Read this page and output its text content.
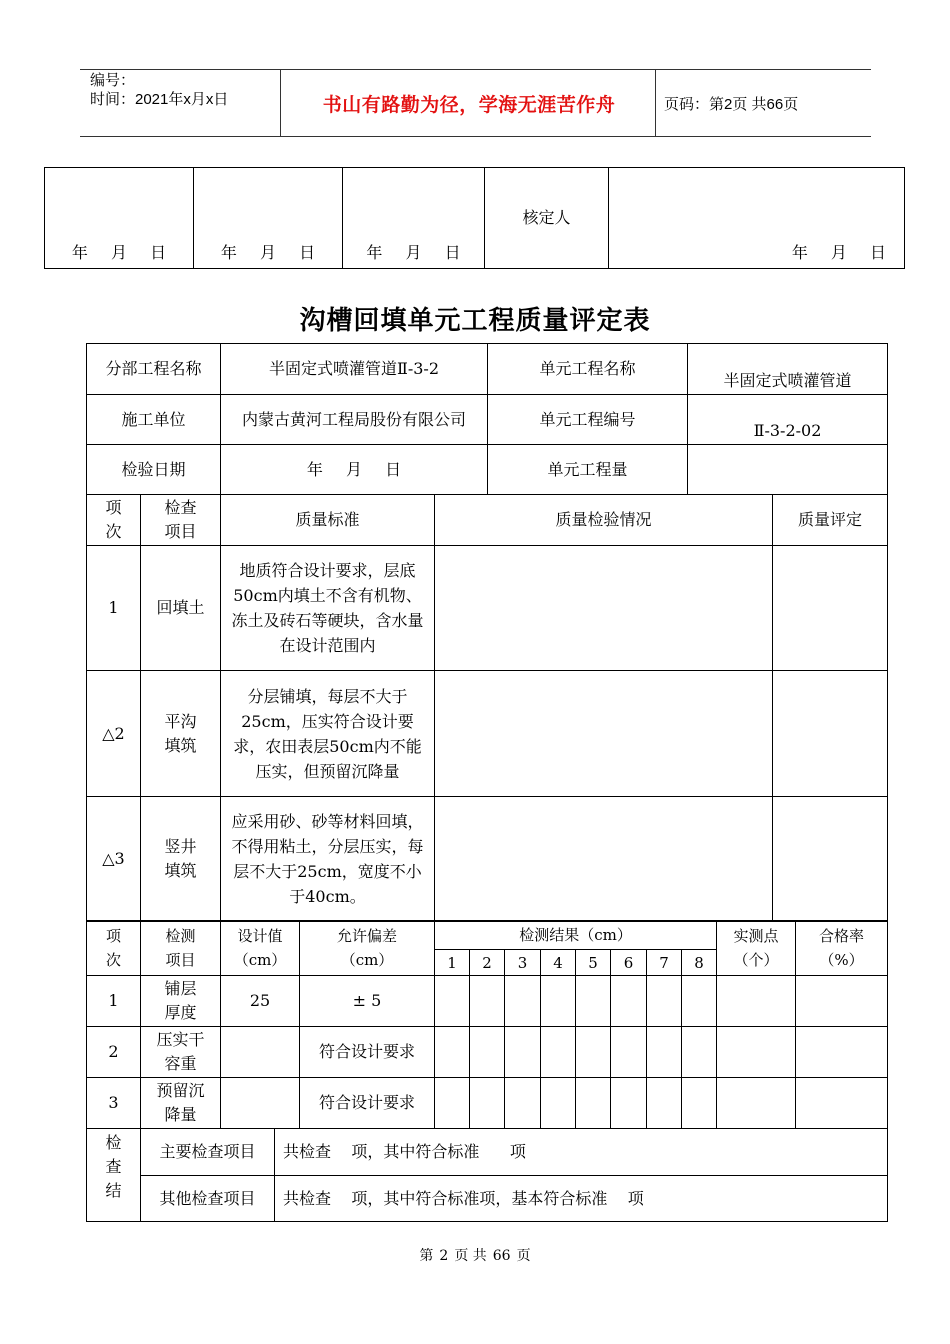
编号：
时间：2021年x月x日	书山有路勤为径，学海无涯苦作舟	页码：第2页 共66页
年 月 日	年 月 日	年 月 日	核定人	年 月 日
沟槽回填单元工程质量评定表
分部工程名称	半固定式喷灌管道Ⅱ-3-2	单元工程名称	半固定式喷灌管道
施工单位	内蒙古黄河工程局股份有限公司	单元工程编号	Ⅱ-3-2-02
检验日期	年 月 日	单元工程量	
项次	检查项目	质量标准	质量检验情况	质量评定
1	回填土	地质符合设计要求，层底50cm内填土不含有机物、冻土及砖石等硬块，含水量在设计范围内		
△2	平沟填筑	分层铺填，每层不大于25cm，压实符合设计要求，农田表层50cm内不能压实，但预留沉降量		
△3	竖井填筑	应采用砂、砂等材料回填，不得用粘土，分层压实，每层不大于25cm，宽度不小于40cm。		
项次	检测项目	设计值（cm）	允许偏差（cm）	检测结果（cm）								实测点（个）	合格率（%）
				1	2	3	4	5	6	7	8		
1	铺层厚度	25	± 5										
2	压实干容重		符合设计要求										
3	预留沉降量		符合设计要求										
检查结	主要检查项目	共检查    项，其中符合标准      项
	其他检查项目	共检查    项，其中符合标准项，基本符合标准    项
第 2 页 共 66 页
